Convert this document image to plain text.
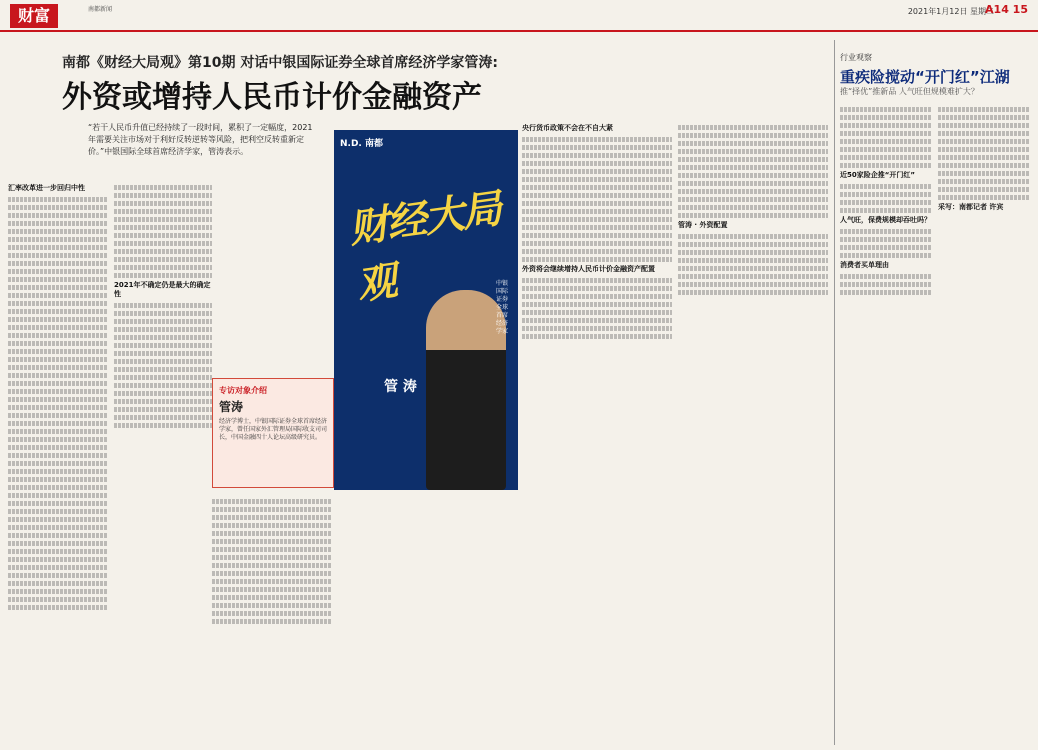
财富	南都新闻	2021年1月12日 星期二
A14 15
南都《财经大局观》第10期 对话中银国际证券全球首席经济学家管涛:
外资或增持人民币计价金融资产
“若干人民币升值已经持续了一段时间，累积了一定幅度，2021年需要关注市场对于利好反转逆转等风险，把利空反转重新定价。”中银国际全球首席经济学家，管涛表示。

汇率改革进一步回归中性

2021年不确定仍是最大的确定性

N.D. 南都
财经大局观
管 涛
中银国际证券全球首席经济学家
专访对象介绍
管涛
经济学博士，中银国际证券全球首席经济学家，曾任国家外汇管理局国际收支司司长，中国金融四十人论坛高级研究员。

央行货币政策不会在不自大紧

外资将会继续增持人民币计价金融资产配置

管涛 · 外资配置

行业观察
重疾险搅动“开门红”江湖
推“择优”推新品 人气旺但规模难扩大？

近50家险企推“开门红”

人气旺，保费规模却吞吐吗？

消费者买单理由

采写：南都记者 许宾
